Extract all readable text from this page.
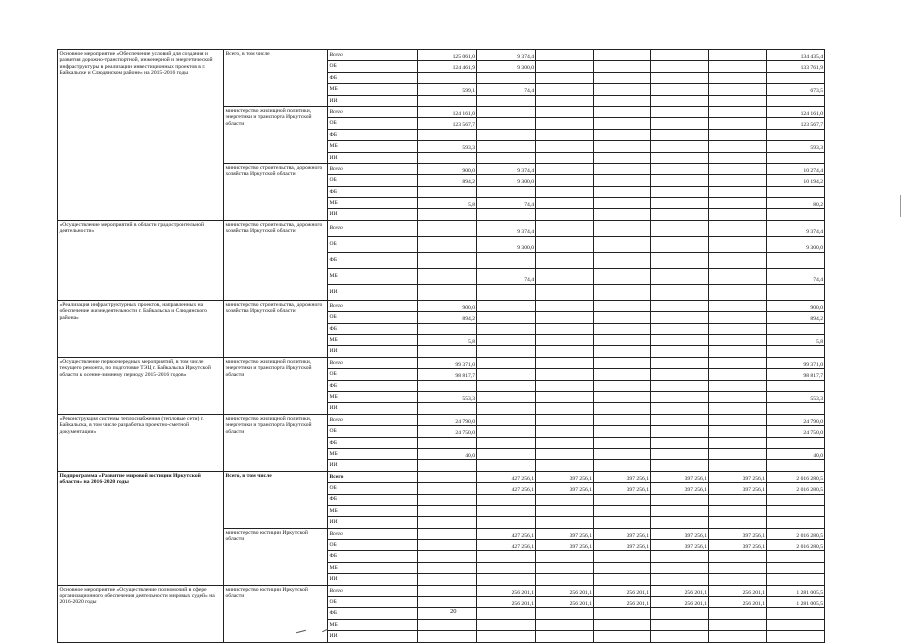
Основное мероприятие «Обеспечение условий для создания и развития дорожно-транспортной, инженерной и энергетической инфраструктуры в реализации инвестиционных проектов в г. Байкальске и Слюдянском районе» на 2015-2016 годы	Всего, в том числе	Всего	125 061,0	9 374,4					134 435,4
		ОБ	124 461,9	9 300,0					133 761,9
		ФБ							
		МБ	599,1	74,4					673,5
		ИИ							
	министерство жилищной политики, энергетики и транспорта Иркутской области	Всего	124 161,0						124 161,0
		ОБ	123 567,7						123 567,7
		ФБ							
		МБ	593,3						593,3
		ИИ							
	министерство строительства, дорожного хозяйства Иркутской области	Всего	900,0	9 374,4					10 274,4
		ОБ	894,2	9 300,0					10 194,2
		ФБ							
		МБ	5,8	74,4					80,2
		ИИ							
«Осуществление мероприятий в области градостроительной деятельности»	министерство строительства, дорожного хозяйства Иркутской области	Всего		9 374,4					9 374,4
		ОБ		9 300,0					9 300,0
		ФБ							
		МБ		74,4					74,4
		ИИ							
«Реализация инфраструктурных проектов, направленных на обеспечение жизнедеятельности г. Байкальска и Слюдянского района»	министерство строительства, дорожного хозяйства Иркутской области	Всего	900,0						900,0
		ОБ	894,2						894,2
		ФБ							
		МБ	5,8						5,8
		ИИ							
«Осуществление первоочередных мероприятий, в том числе текущего ремонта, по подготовке ТЭЦ г. Байкальска Иркутской области к осенне-зимнему периоду 2015-2016 годов»	министерство жилищной политики, энергетики и транспорта Иркутской области	Всего	99 371,0						99 371,0
		ОБ	98 817,7						98 817,7
		ФБ							
		МБ	553,3						553,3
		ИИ							
«Реконструкция системы теплоснабжения (тепловые сети) г. Байкальска, в том числе разработка проектно-сметной документации»	министерство жилищной политики, энергетики и транспорта Иркутской области	Всего	24 790,0						24 790,0
		ОБ	24 750,0						24 750,0
		ФБ							
		МБ	40,0						40,0
		ИИ							
Подпрограмма «Развитие мировой юстиции Иркутской области» на 2016-2020 годы	Всего, в том числе	Всего		427 256,1	397 256,1	397 256,1	397 256,1	397 256,1	2 016 280,5
		ОБ		427 256,1	397 256,1	397 256,1	397 256,1	397 256,1	2 016 280,5
		ФБ							
		МБ							
		ИИ							
	министерство юстиции Иркутской области	Всего		427 256,1	397 256,1	397 256,1	397 256,1	397 256,1	2 016 280,5
		ОБ		427 256,1	397 256,1	397 256,1	397 256,1	397 256,1	2 016 280,5
		ФБ							
		МБ							
		ИИ							
Основное мероприятие «Осуществление полномочий в сфере организационного обеспечения деятельности мировых судей» на 2016-2020 годы	министерство юстиции Иркутской области	Всего		256 201,1	256 201,1	256 201,1	256 201,1	256 201,1	1 281 005,5
		ОБ		256 201,1	256 201,1	256 201,1	256 201,1	256 201,1	1 281 005,5
		ФБ							
		МБ							
		ИИ							
20
